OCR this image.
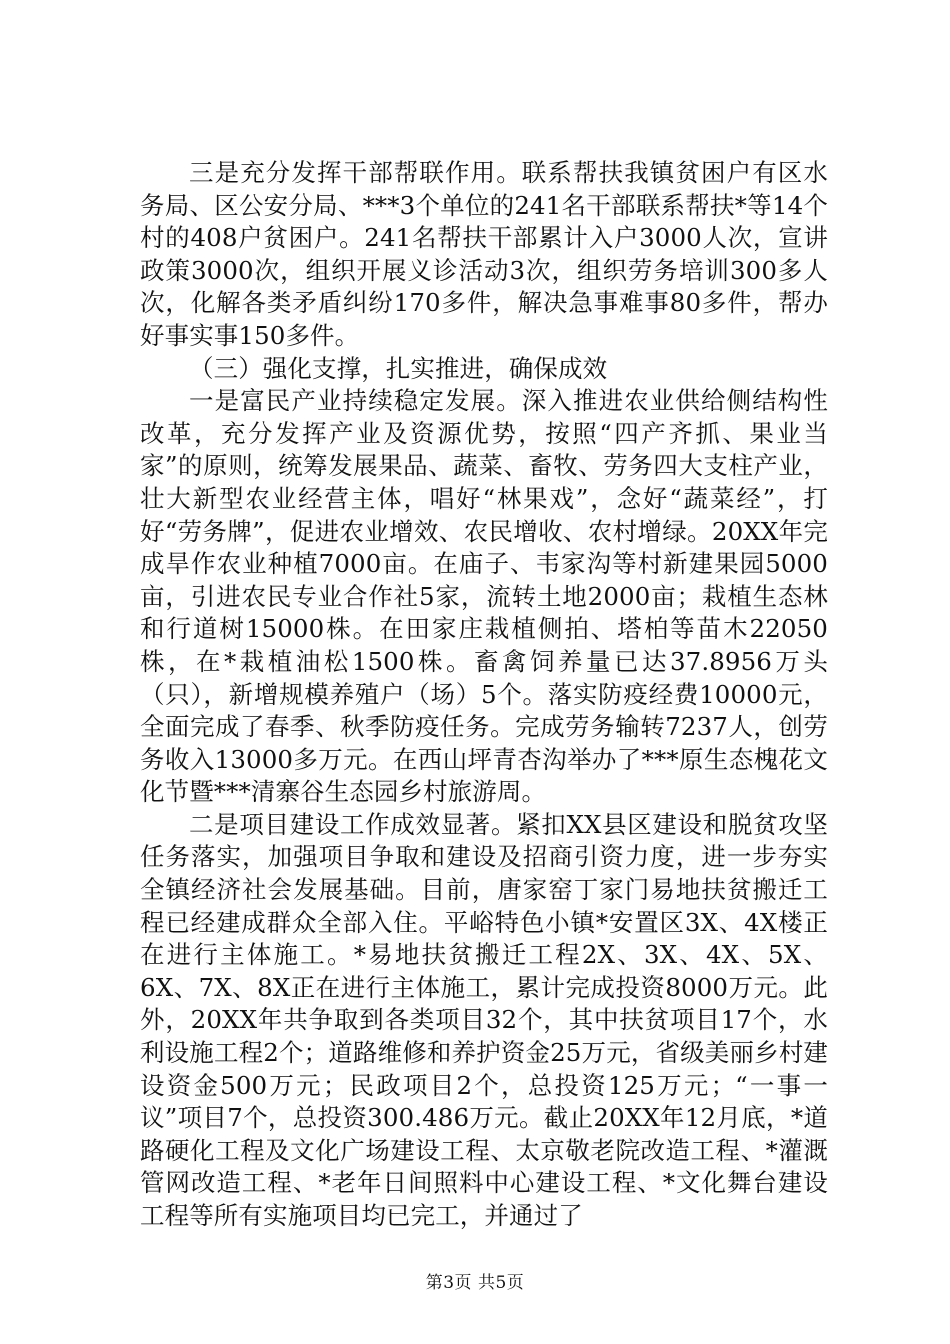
三是充分发挥干部帮联作用。联系帮扶我镇贫困户有区水务局、区公安分局、***3个单位的241名干部联系帮扶*等14个村的408户贫困户。241名帮扶干部累计入户3000人次，宣讲政策3000次，组织开展义诊活动3次，组织劳务培训300多人次，化解各类矛盾纠纷170多件，解决急事难事80多件，帮办好事实事150多件。

（三）强化支撑，扎实推进，确保成效

一是富民产业持续稳定发展。深入推进农业供给侧结构性改革，充分发挥产业及资源优势，按照“四产齐抓、果业当家”的原则，统筹发展果品、蔬菜、畜牧、劳务四大支柱产业，壮大新型农业经营主体，唱好“林果戏”，念好“蔬菜经”，打好“劳务牌”，促进农业增效、农民增收、农村增绿。20XX年完成旱作农业种植7000亩。在庙子、韦家沟等村新建果园5000亩，引进农民专业合作社5家，流转土地2000亩；栽植生态林和行道树15000株。在田家庄栽植侧拍、塔柏等苗木22050株，在*栽植油松1500株。畜禽饲养量已达37.8956万头（只），新增规模养殖户（场）5个。落实防疫经费10000元，全面完成了春季、秋季防疫任务。完成劳务输转7237人，创劳务收入13000多万元。在西山坪青杏沟举办了***原生态槐花文化节暨***清寨谷生态园乡村旅游周。

二是项目建设工作成效显著。紧扣XX县区建设和脱贫攻坚任务落实，加强项目争取和建设及招商引资力度，进一步夯实全镇经济社会发展基础。目前，唐家窑丁家门易地扶贫搬迁工程已经建成群众全部入住。平峪特色小镇*安置区3X、4X楼正在进行主体施工。*易地扶贫搬迁工程2X、3X、4X、5X、6X、7X、8X正在进行主体施工，累计完成投资8000万元。此外，20XX年共争取到各类项目32个，其中扶贫项目17个，水利设施工程2个；道路维修和养护资金25万元，省级美丽乡村建设资金500万元；民政项目2个，总投资125万元；“一事一议”项目7个，总投资300.486万元。截止20XX年12月底，*道路硬化工程及文化广场建设工程、太京敬老院改造工程、*灌溉管网改造工程、*老年日间照料中心建设工程、*文化舞台建设工程等所有实施项目均已完工，并通过了

第3页 共5页
